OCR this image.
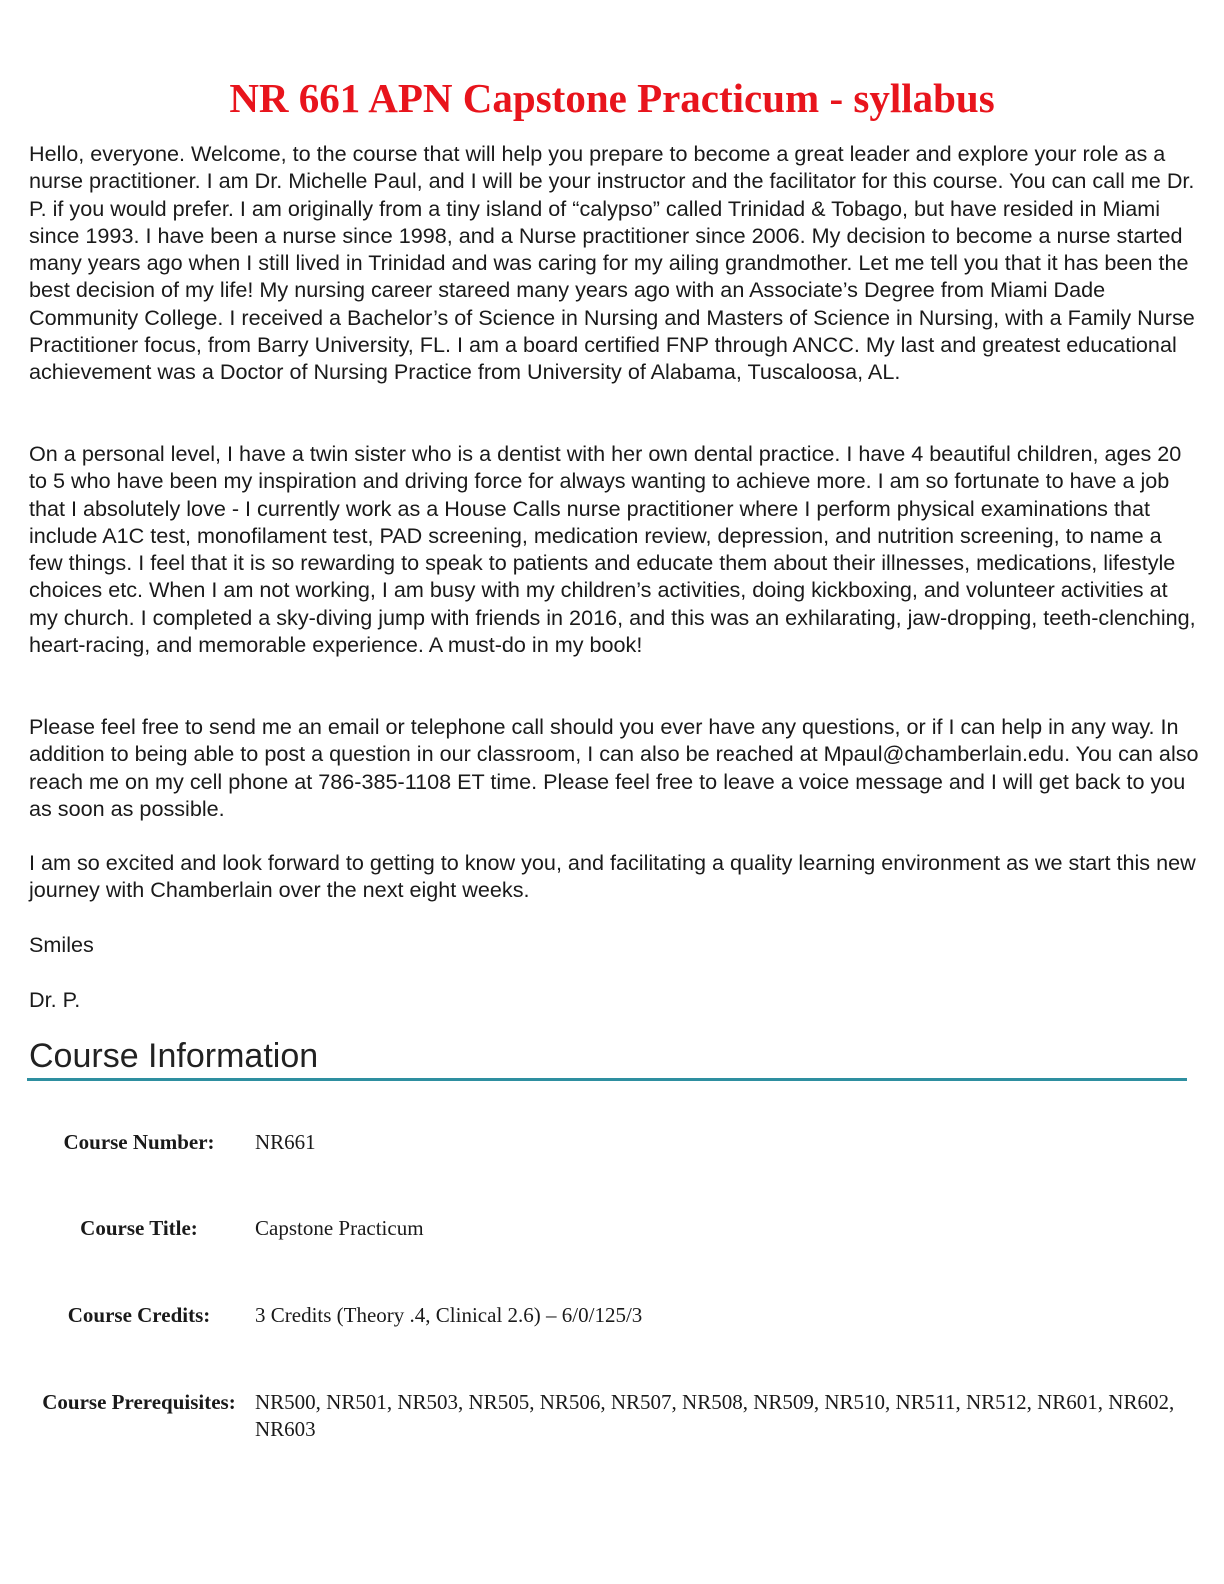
NR 661 APN Capstone Practicum - syllabus

Hello, everyone. Welcome, to the course that will help you prepare to become a great leader and explore your role as a nurse practitioner. I am Dr. Michelle Paul, and I will be your instructor and the facilitator for this course. You can call me Dr. P. if you would prefer. I am originally from a tiny island of “calypso” called Trinidad & Tobago, but have resided in Miami since 1993. I have been a nurse since 1998, and a Nurse practitioner since 2006. My decision to become a nurse started many years ago when I still lived in Trinidad and was caring for my ailing grandmother. Let me tell you that it has been the best decision of my life! My nursing career stareed many years ago with an Associate’s Degree from Miami Dade Community College. I received a Bachelor’s of Science in Nursing and Masters of Science in Nursing, with a Family Nurse Practitioner focus, from Barry University, FL. I am a board certified FNP through ANCC. My last and greatest educational achievement was a Doctor of Nursing Practice from University of Alabama, Tuscaloosa, AL.

On a personal level, I have a twin sister who is a dentist with her own dental practice. I have 4 beautiful children, ages 20 to 5 who have been my inspiration and driving force for always wanting to achieve more. I am so fortunate to have a job that I absolutely love - I currently work as a House Calls nurse practitioner where I perform physical examinations that include A1C test, monofilament test, PAD screening, medication review, depression, and nutrition screening, to name a few things. I feel that it is so rewarding to speak to patients and educate them about their illnesses, medications, lifestyle choices etc. When I am not working, I am busy with my children’s activities, doing kickboxing, and volunteer activities at my church. I completed a sky-diving jump with friends in 2016, and this was an exhilarating, jaw-dropping, teeth-clenching, heart-racing, and memorable experience. A must-do in my book!

Please feel free to send me an email or telephone call should you ever have any questions, or if I can help in any way. In addition to being able to post a question in our classroom, I can also be reached at Mpaul@chamberlain.edu. You can also reach me on my cell phone at 786-385-1108 ET time. Please feel free to leave a voice message and I will get back to you as soon as possible.

I am so excited and look forward to getting to know you, and facilitating a quality learning environment as we start this new journey with Chamberlain over the next eight weeks.

Smiles

Dr. P.

Course Information
Course Number:	NR661
Course Title:	Capstone Practicum
Course Credits:	3 Credits (Theory .4, Clinical 2.6) – 6/0/125/3
Course Prerequisites: NR500, NR501, NR503, NR505, NR506, NR507, NR508, NR509, NR510, NR511, NR512, NR601, NR602, NR603
